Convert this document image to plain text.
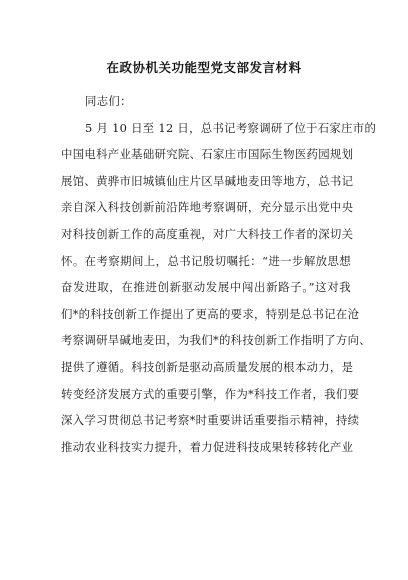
在政协机关功能型党支部发言材料
同志们：
5 月 10 日至 12 日，总书记考察调研了位于石家庄市的
中国电科产业基础研究院、石家庄市国际生物医药园规划
展馆、黄骅市旧城镇仙庄片区旱碱地麦田等地方，总书记
亲自深入科技创新前沿阵地考察调研，充分显示出党中央
对科技创新工作的高度重视，对广大科技工作者的深切关
怀。在考察期间上，总书记殷切嘱托：“进一步解放思想
奋发进取，在推进创新驱动发展中闯出新路子。”这对我
们*的科技创新工作提出了更高的要求，特别是总书记在沧
考察调研旱碱地麦田，为我们*的科技创新工作指明了方向、
提供了遵循。科技创新是驱动高质量发展的根本动力，是
转变经济发展方式的重要引擎，作为*科技工作者，我们要
深入学习贯彻总书记考察*时重要讲话重要指示精神，持续
推动农业科技实力提升，着力促进科技成果转移转化产业
